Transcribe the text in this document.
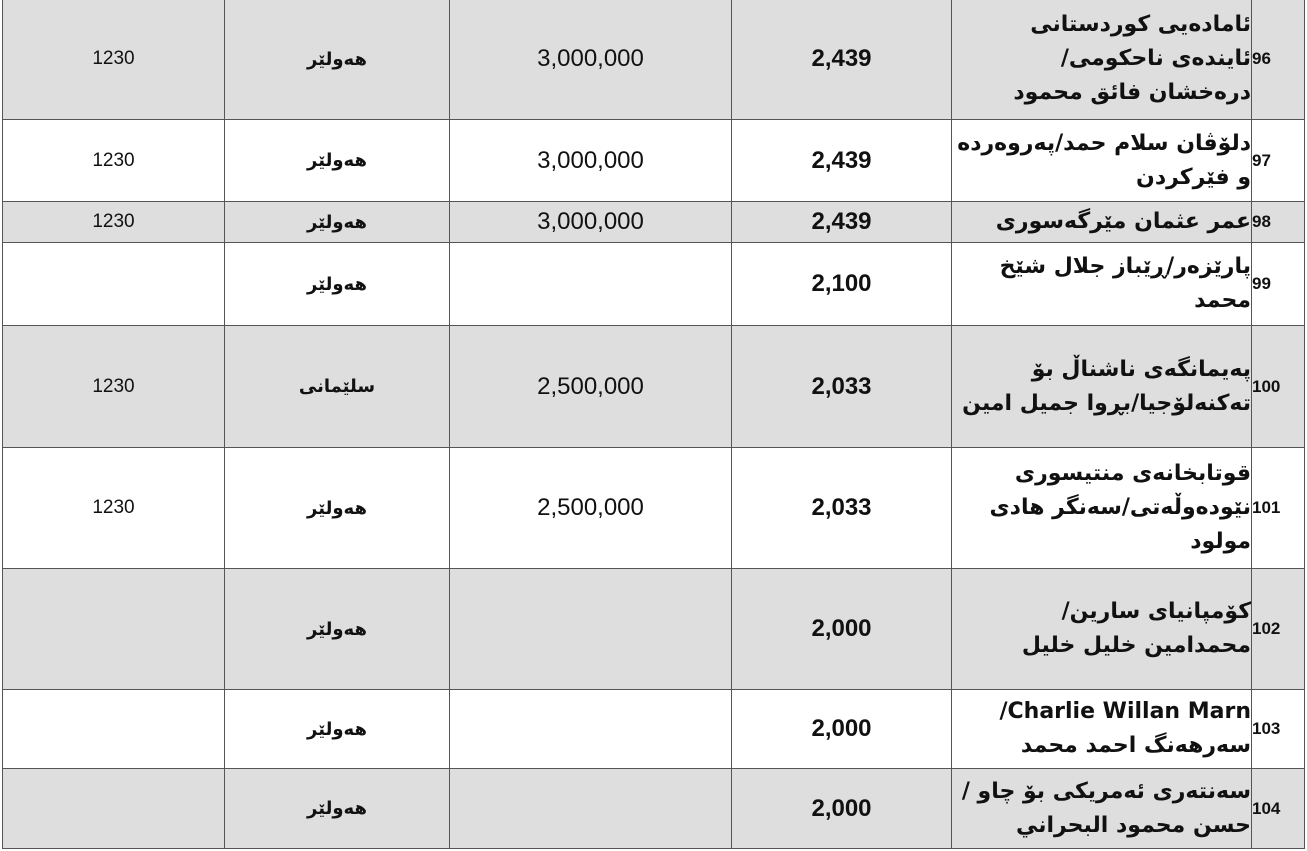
1230	هەولێر	3,000,000	2,439	ئامادەیی كوردستانی ئایندەی ناحكومی/ درەخشان فائق محمود	96
1230	هەولێر	3,000,000	2,439	دلۆڤان سلام حمد/پەروەردە و فێركردن	97
1230	هەولێر	3,000,000	2,439	عمر عثمان مێرگەسوری	98
	هەولێر		2,100	پارێزەر/ڕێباز جلال شێخ محمد	99
1230	سلێمانی	2,500,000	2,033	پەیمانگەی ناشناڵ بۆ تەكنەلۆجیا/بڕوا جمیل امین	100
1230	هەولێر	2,500,000	2,033	قوتابخانەی منتیسوری نێودەوڵەتی/سەنگر هادی مولود	101
	هەولێر		2,000	كۆمپانیای سارین/ محمدامین خلیل خلیل	102
	هەولێر		2,000	Charlie Willan Marn/ سەرهەنگ احمد محمد	103
	هەولێر		2,000	سەنتەری ئەمریكی بۆ چاو / حسن محمود البحراني	104
